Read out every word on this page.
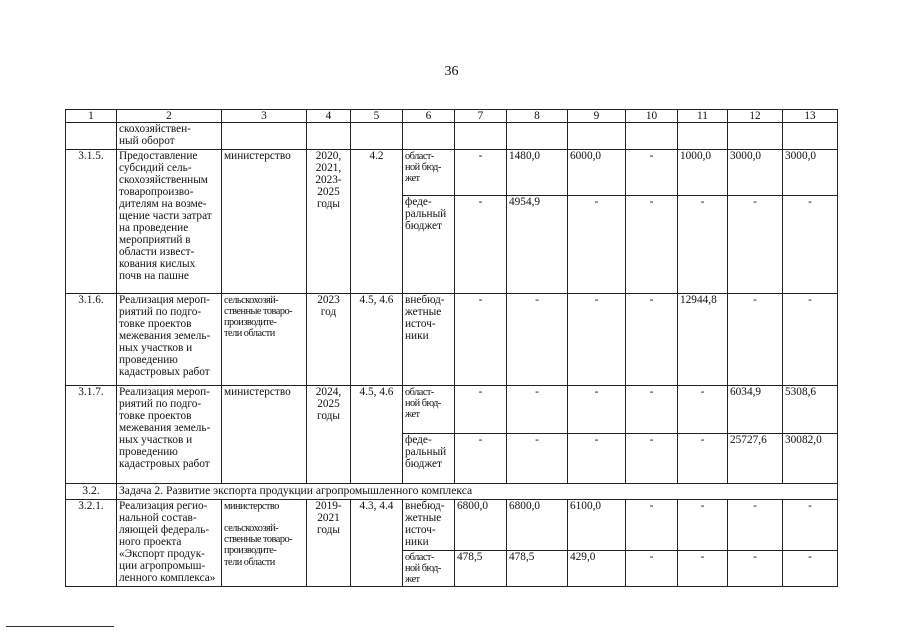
36
1	2	3	4	5	6	7	8	9	10	11	12	13
	скохозяйствен-
ный оборот											
3.1.5.	Предоставление субсидий сель-скохозяйственным товаропроизво-дителям на возме-щение части затрат на проведение мероприятий в области извест-кования кислых почв на пашне	министерство	2020,
2021,
2023-
2025
годы	4.2	област-
ной бюд-
жет	-	1480,0	6000,0	-	1000,0	3000,0	3000,0
					феде-
ральный
бюджет	-	4954,9	-	-	-	-	-
3.1.6.	Реализация мероп-риятий по подго-товке проектов межевания земель-ных участков и проведению кадастровых работ	сельскохозяй-
ственные товаро-
производите-
тели области	2023
год	4.5, 4.6	внебюд-
жетные
источ-
ники	-	-	-	-	12944,8	-	-
3.1.7.	Реализация мероп-риятий по подго-товке проектов межевания земель-ных участков и проведению кадастровых работ	министерство	2024,
2025
годы	4.5, 4.6	област-
ной бюд-
жет	-	-	-	-	-	6034,9	5308,6
					феде-
ральный
бюджет	-	-	-	-	-	25727,6	30082,0
3.2.	Задача 2. Развитие экспорта продукции агропромышленного комплекса											
3.2.1.	Реализация регио-нальной состав-ляющей федераль-ного проекта «Экспорт продук-ции агропромыш-ленного комплекса»	министерство

сельскохозяй-
ственные товаро-
производите-
тели области	2019-
2021
годы	4.3, 4.4	внебюд-
жетные
источ-
ники	6800,0	6800,0	6100,0	-	-	-	-
					област-
ной бюд-
жет	478,5	478,5	429,0	-	-	-	-
